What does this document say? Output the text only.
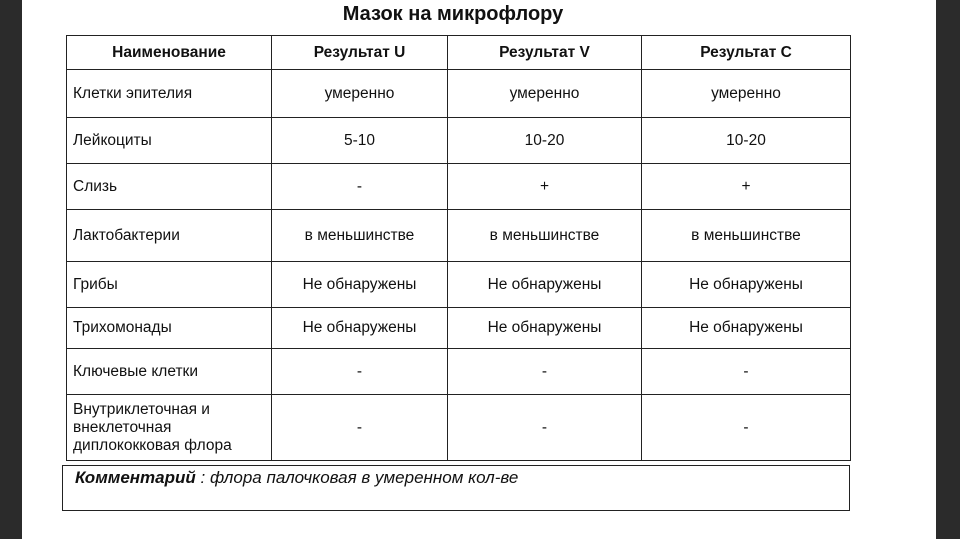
Мазок на микрофлору
Наименование	Результат U	Результат V	Результат C
Клетки эпителия	умеренно	умеренно	умеренно
Лейкоциты	5-10	10-20	10-20
Слизь	-	+	+
Лактобактерии	в меньшинстве	в меньшинстве	в меньшинстве
Грибы	Не обнаружены	Не обнаружены	Не обнаружены
Трихомонады	Не обнаружены	Не обнаружены	Не обнаружены
Ключевые клетки	-	-	-
Внутриклеточная и внеклеточная диплококковая флора	-	-	-
Комментарий : флора палочковая в умеренном кол-ве
